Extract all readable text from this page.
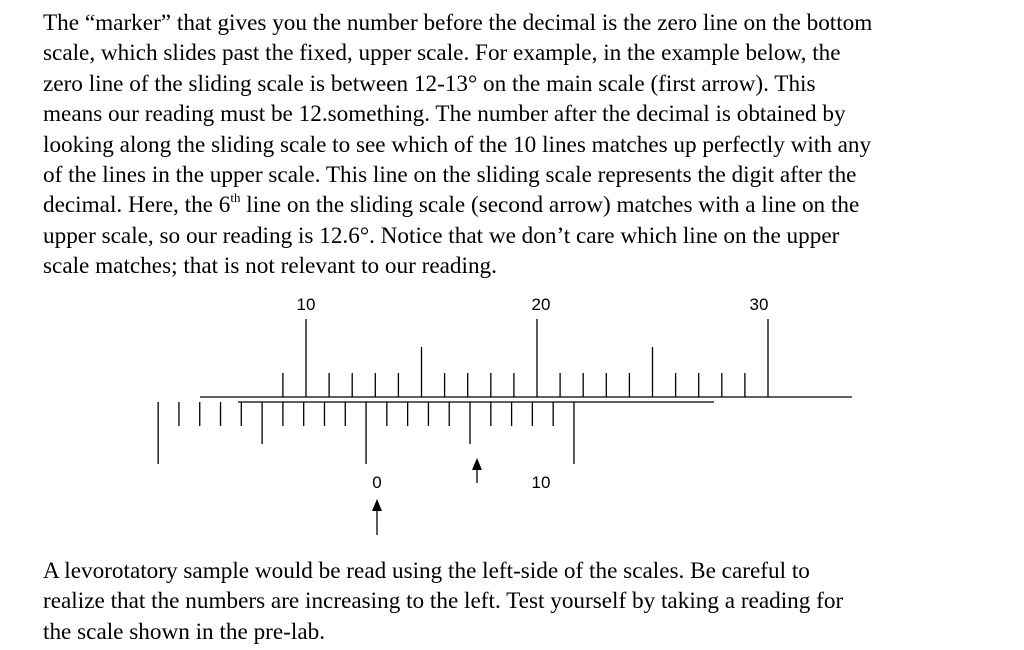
The “marker” that gives you the number before the decimal is the zero line on the bottom
scale, which slides past the fixed, upper scale. For example, in the example below, the
zero line of the sliding scale is between 12-13° on the main scale (first arrow). This
means our reading must be 12.something. The number after the decimal is obtained by
looking along the sliding scale to see which of the 10 lines matches up perfectly with any
of the lines in the upper scale. This line on the sliding scale represents the digit after the
decimal. Here, the 6th line on the sliding scale (second arrow) matches with a line on the
upper scale, so our reading is 12.6°. Notice that we don’t care which line on the upper
scale matches; that is not relevant to our reading.
10	20	30
0	10
A levorotatory sample would be read using the left-side of the scales. Be careful to
realize that the numbers are increasing to the left. Test yourself by taking a reading for
the scale shown in the pre-lab.
